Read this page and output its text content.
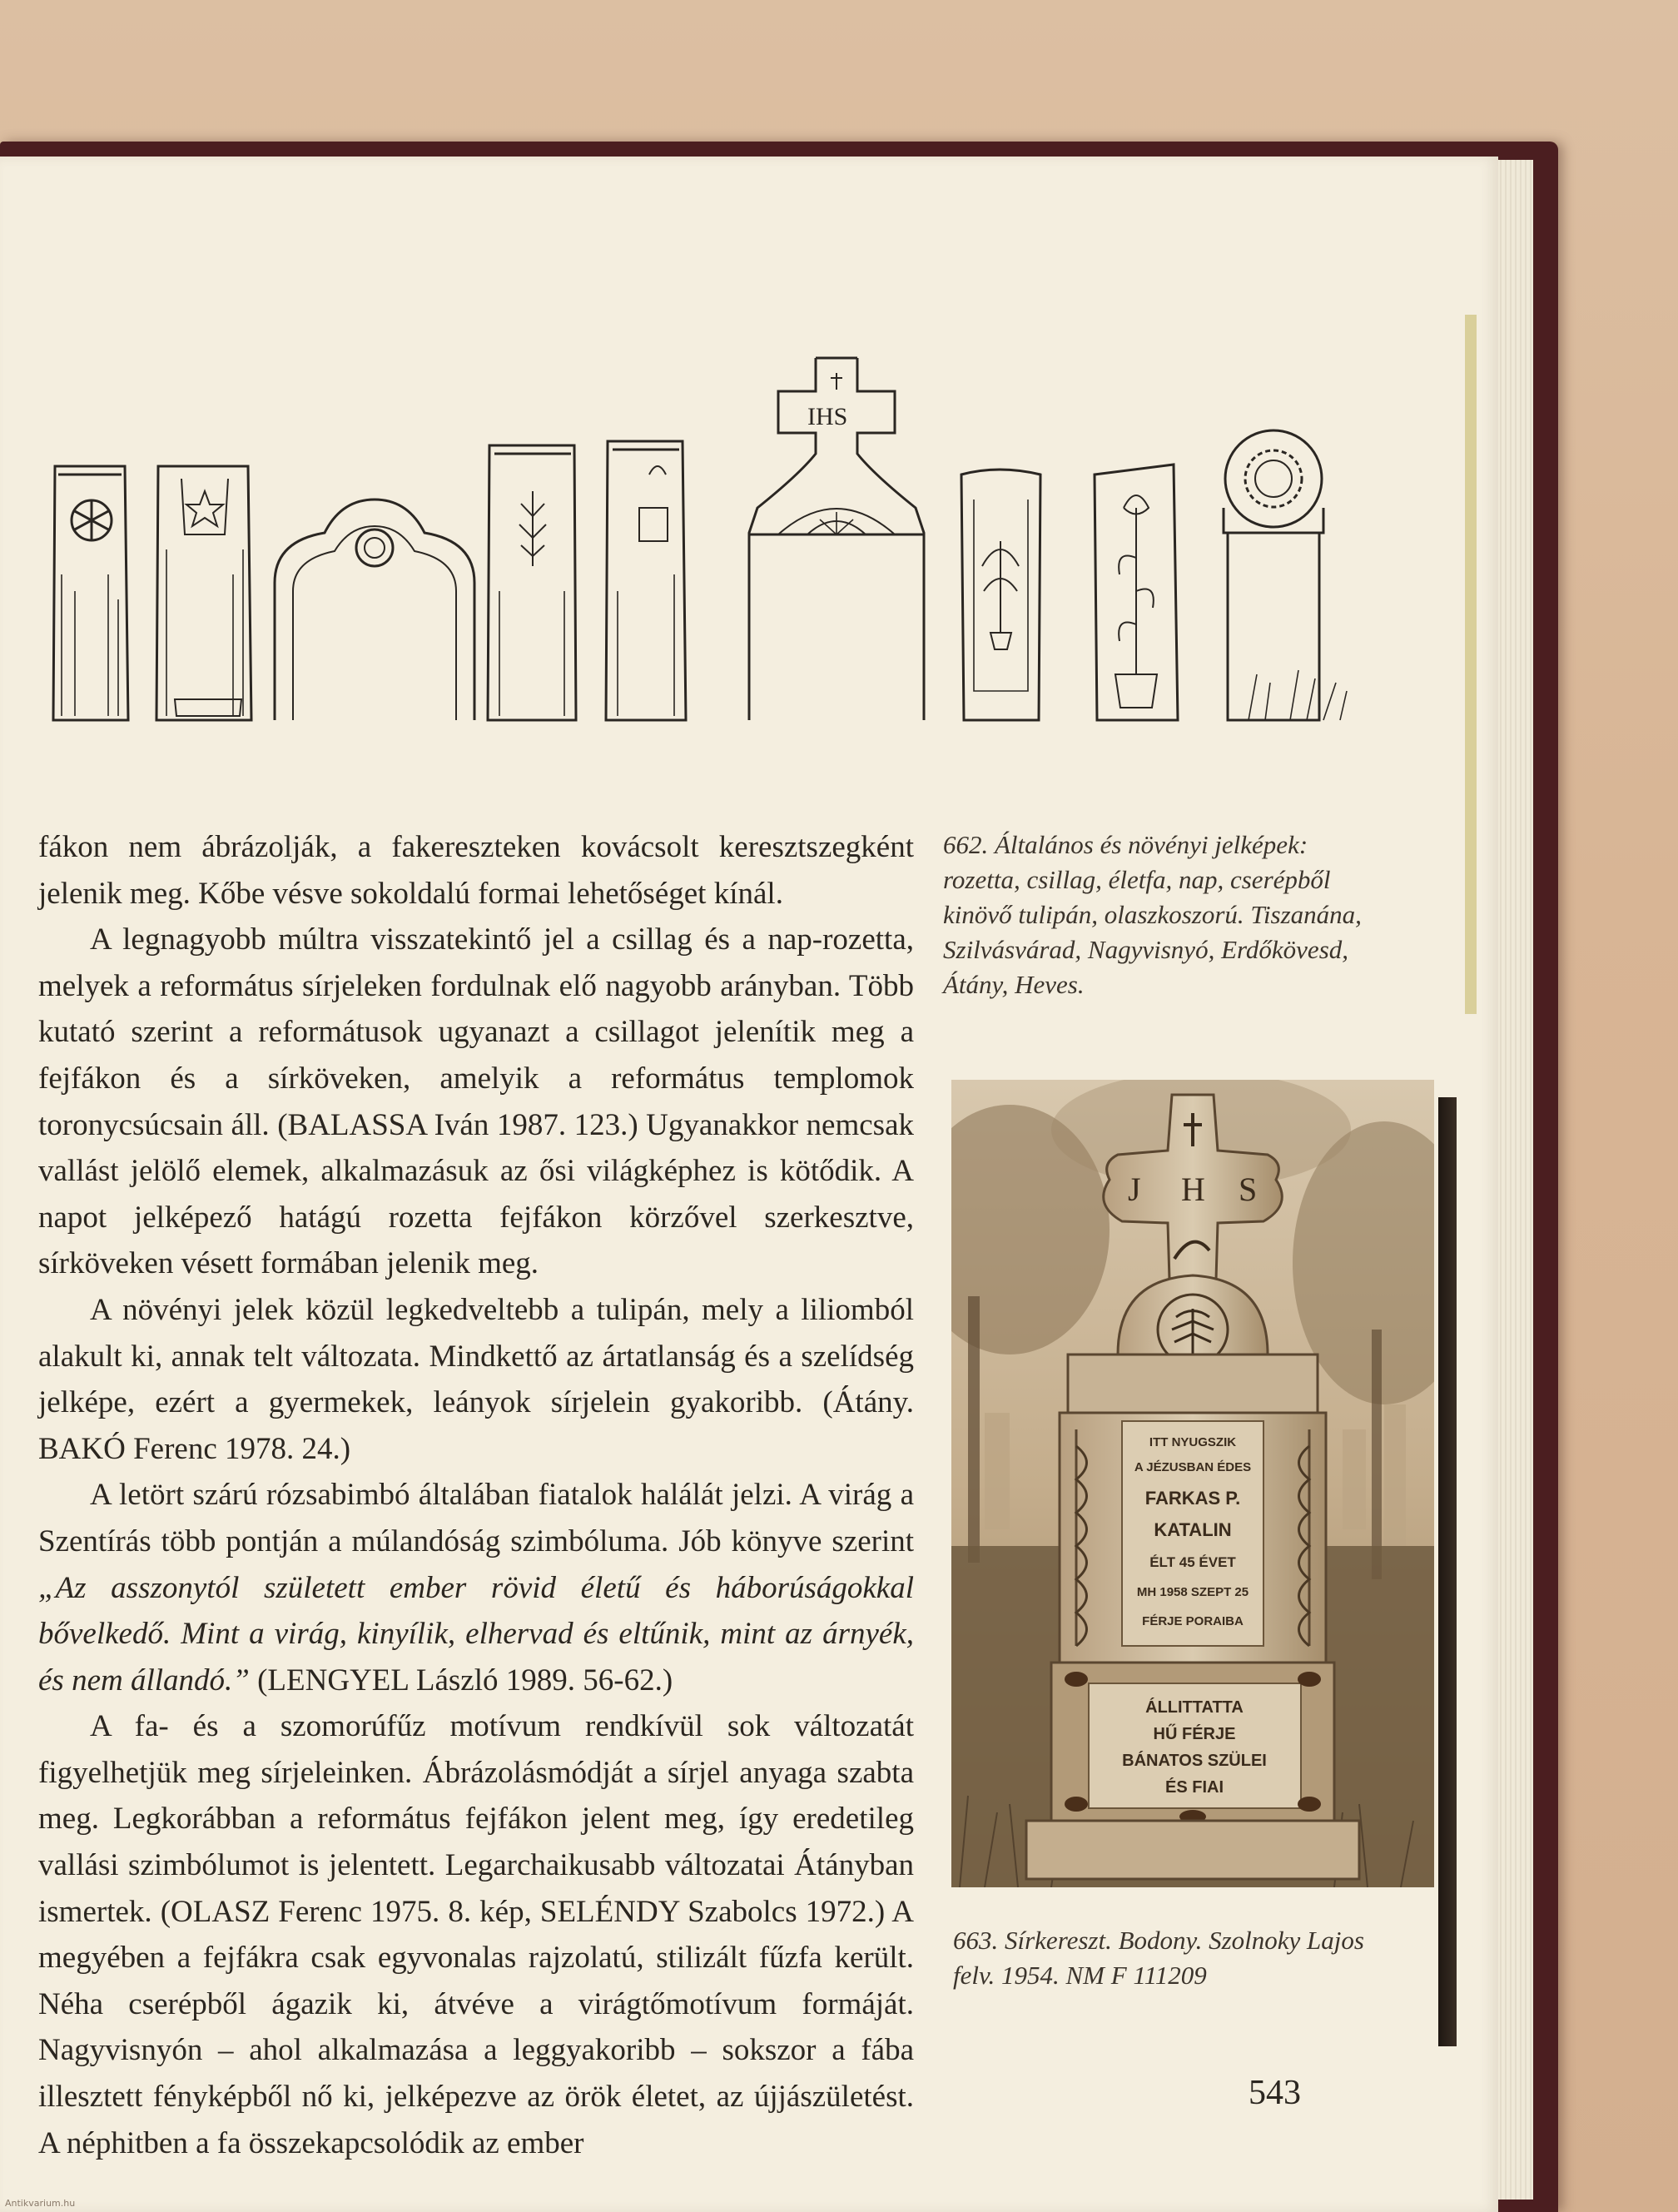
IHS

fákon nem ábrázolják, a fakereszteken kovácsolt keresztszegként jelenik meg. Kőbe vésve sokoldalú formai lehetőséget kínál.

A legnagyobb múltra visszatekintő jel a csillag és a nap-rozetta, melyek a református sírjeleken fordulnak elő nagyobb arányban. Több kutató szerint a reformátusok ugyanazt a csillagot jelenítik meg a fejfákon és a sírköveken, amelyik a református templomok toronycsúcsain áll. (BALASSA Iván 1987. 123.) Ugyanakkor nemcsak vallást jelölő elemek, alkalmazásuk az ősi világképhez is kötődik. A napot jelképező hatágú rozetta fejfákon körzővel szerkesztve, sírköveken vésett formában jelenik meg.

A növényi jelek közül legkedveltebb a tulipán, mely a liliomból alakult ki, annak telt változata. Mindkettő az ártatlanság és a szelídség jelképe, ezért a gyermekek, leányok sírjelein gyakoribb. (Átány. BAKÓ Ferenc 1978. 24.)

A letört szárú rózsabimbó általában fiatalok halálát jelzi. A virág a Szentírás több pontján a múlandóság szimbóluma. Jób könyve szerint „Az asszonytól született ember rövid életű és háborúságokkal bővelkedő. Mint a virág, kinyílik, elhervad és eltűnik, mint az árnyék, és nem állandó.” (LENGYEL László 1989. 56-62.)

A fa- és a szomorúfűz motívum rendkívül sok változatát figyelhetjük meg sírjeleinken. Ábrázolásmódját a sírjel anyaga szabta meg. Legkorábban a református fejfákon jelent meg, így eredetileg vallási szimbólumot is jelentett. Legarchaikusabb változatai Átányban ismertek. (OLASZ Ferenc 1975. 8. kép, SELÉNDY Szabolcs 1972.) A megyében a fejfákra csak egyvonalas rajzolatú, stilizált fűzfa került. Néha cserépből ágazik ki, átvéve a virágtőmotívum formáját. Nagyvisnyón – ahol alkalmazása a leggyakoribb – sokszor a fába illesztett fényképből nő ki, jelképezve az örök életet, az újjászületést. A néphitben a fa összekapcsolódik az ember

662. Általános és növényi jelképek: rozetta, csillag, életfa, nap, cserépből kinövő tulipán, olaszkoszorú. Tiszanána, Szilvásvárad, Nagyvisnyó, Erdőkövesd, Átány, Heves.
J H S
ITT NYUGSZIK
A JÉZUSBAN ÉDES
FARKAS P.
KATALIN
ÉLT 45 ÉVET
MH 1958 SZEPT 25
FÉRJE PORAIBA
ÁLLITTATTA
HŰ FÉRJE
BÁNATOS SZÜLEI
ÉS FIAI
663. Sírkereszt. Bodony. Szolnoky Lajos felv. 1954. NM F 111209
543
Antikvarium.hu
